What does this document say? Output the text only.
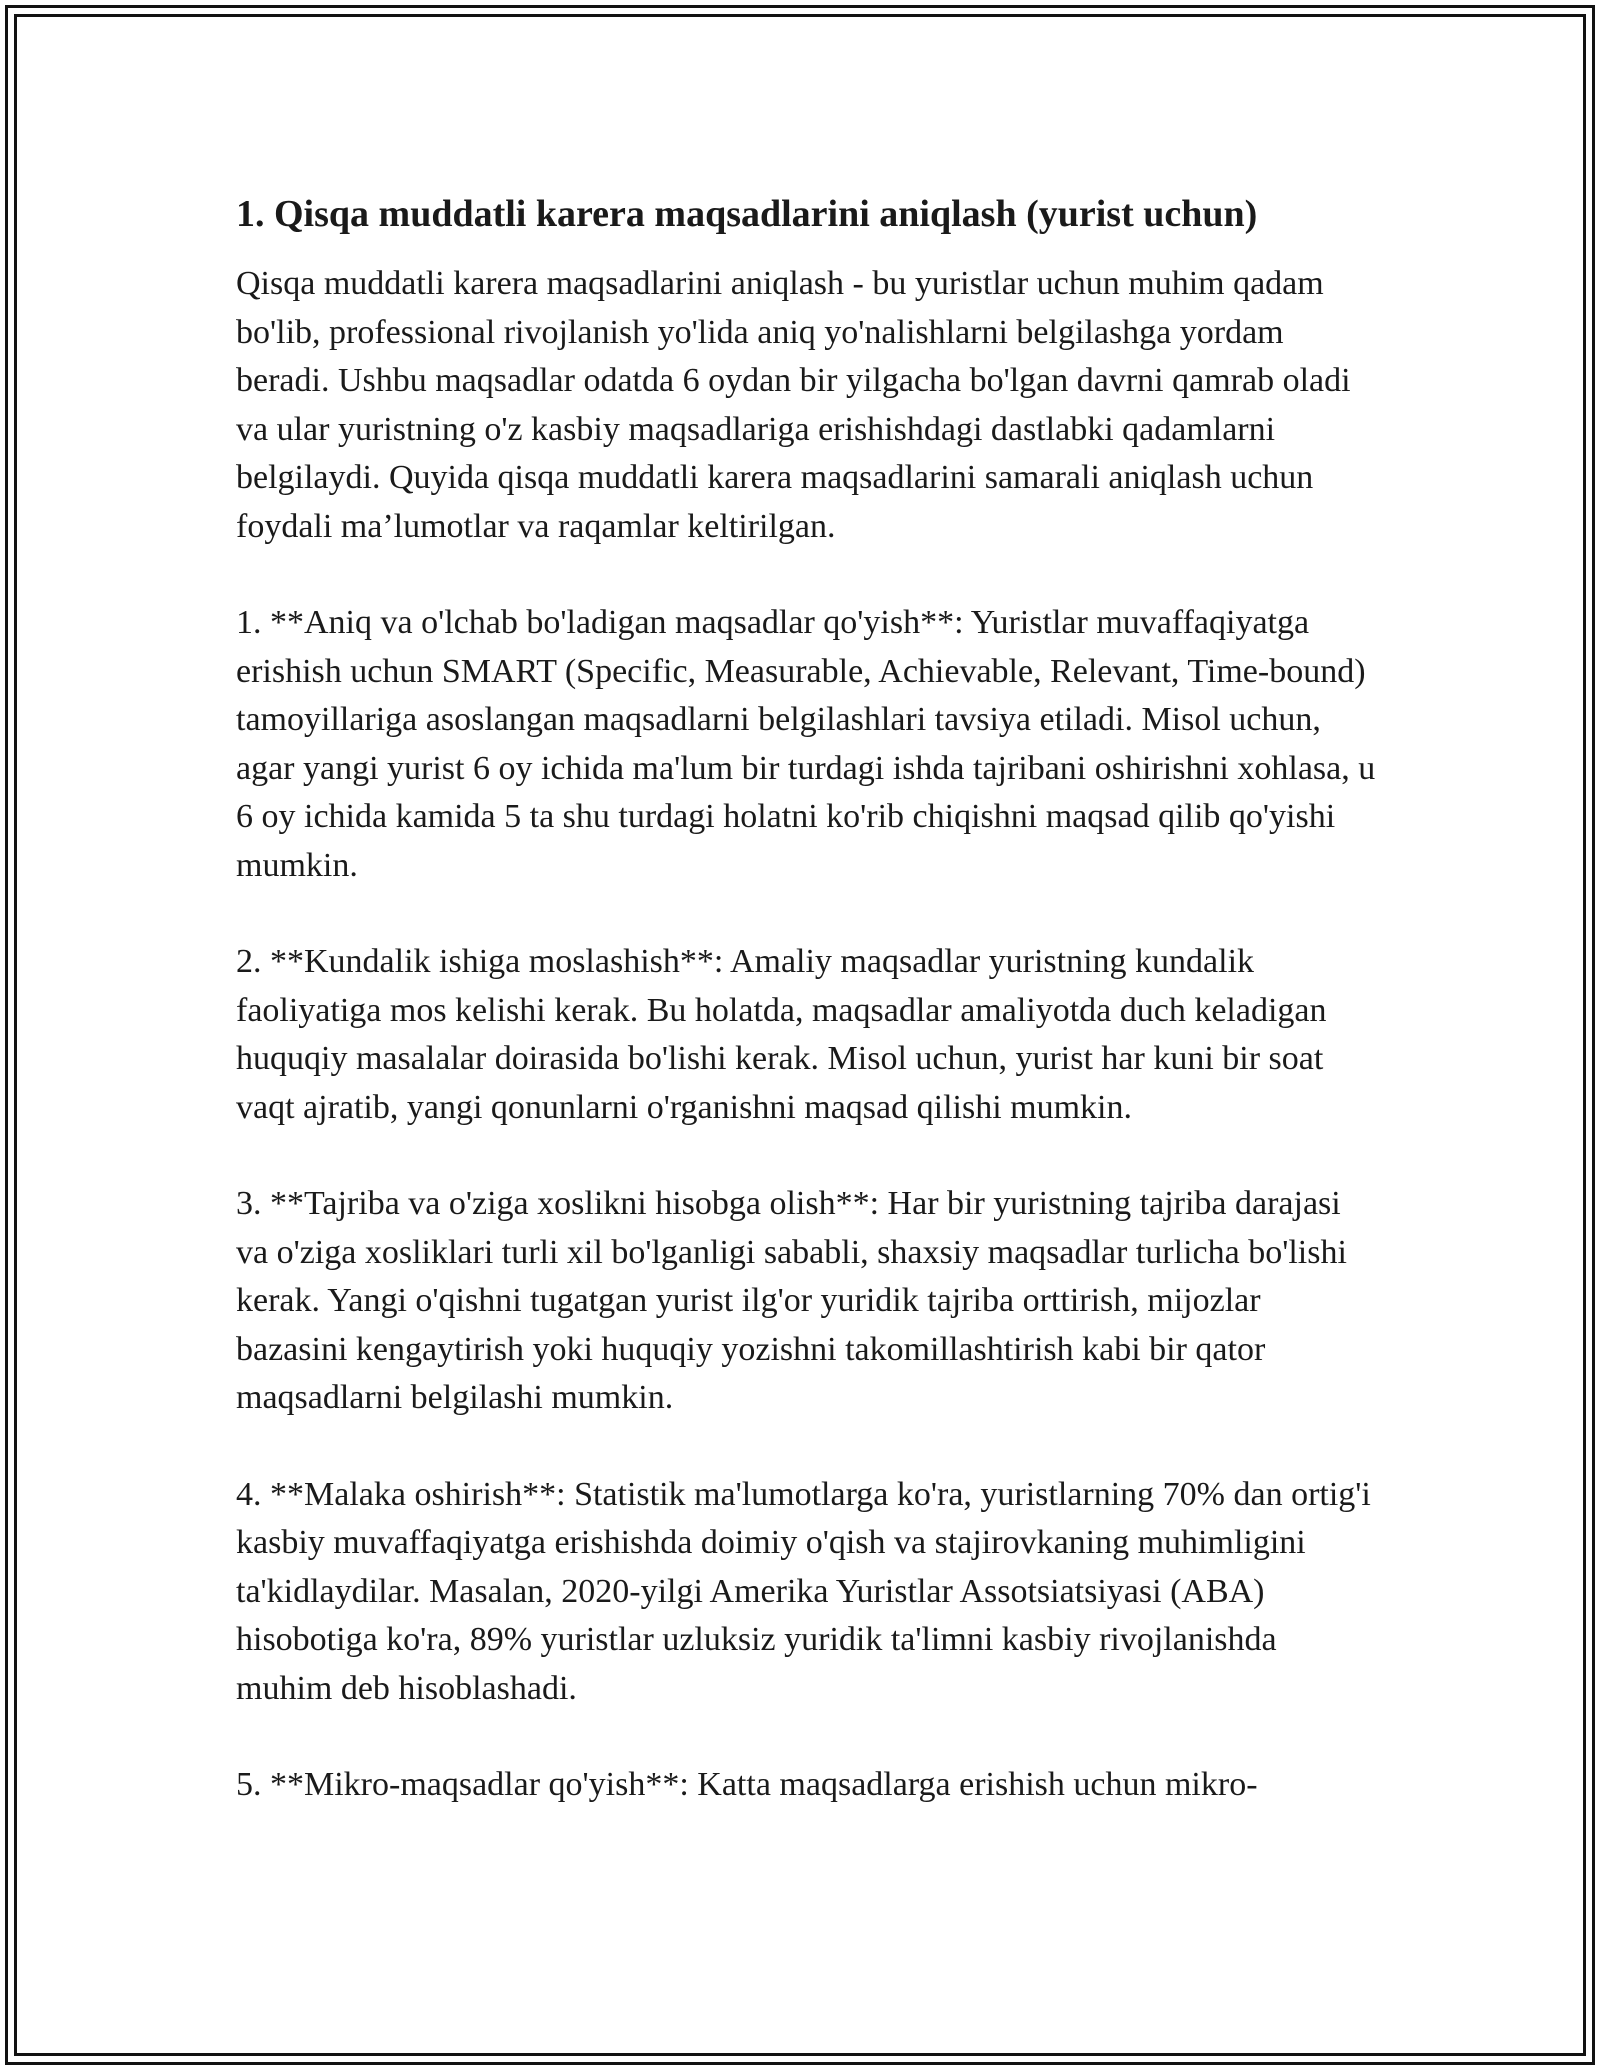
1. Qisqa muddatli karera maqsadlarini aniqlash (yurist uchun)

Qisqa muddatli karera maqsadlarini aniqlash - bu yuristlar uchun muhim qadam bo'lib, professional rivojlanish yo'lida aniq yo'nalishlarni belgilashga yordam beradi. Ushbu maqsadlar odatda 6 oydan bir yilgacha bo'lgan davrni qamrab oladi va ular yuristning o'z kasbiy maqsadlariga erishishdagi dastlabki qadamlarni belgilaydi. Quyida qisqa muddatli karera maqsadlarini samarali aniqlash uchun foydali ma’lumotlar va raqamlar keltirilgan.

1. **Aniq va o'lchab bo'ladigan maqsadlar qo'yish**: Yuristlar muvaffaqiyatga erishish uchun SMART (Specific, Measurable, Achievable, Relevant, Time-bound) tamoyillariga asoslangan maqsadlarni belgilashlari tavsiya etiladi. Misol uchun, agar yangi yurist 6 oy ichida ma'lum bir turdagi ishda tajribani oshirishni xohlasa, u 6 oy ichida kamida 5 ta shu turdagi holatni ko'rib chiqishni maqsad qilib qo'yishi mumkin.

2. **Kundalik ishiga moslashish**: Amaliy maqsadlar yuristning kundalik faoliyatiga mos kelishi kerak. Bu holatda, maqsadlar amaliyotda duch keladigan huquqiy masalalar doirasida bo'lishi kerak. Misol uchun, yurist har kuni bir soat vaqt ajratib, yangi qonunlarni o'rganishni maqsad qilishi mumkin.

3. **Tajriba va o'ziga xoslikni hisobga olish**: Har bir yuristning tajriba darajasi va o'ziga xosliklari turli xil bo'lganligi sababli, shaxsiy maqsadlar turlicha bo'lishi kerak. Yangi o'qishni tugatgan yurist ilg'or yuridik tajriba orttirish, mijozlar bazasini kengaytirish yoki huquqiy yozishni takomillashtirish kabi bir qator maqsadlarni belgilashi mumkin.

4. **Malaka oshirish**: Statistik ma'lumotlarga ko'ra, yuristlarning 70% dan ortig'i kasbiy muvaffaqiyatga erishishda doimiy o'qish va stajirovkaning muhimligini ta'kidlaydilar. Masalan, 2020-yilgi Amerika Yuristlar Assotsiatsiyasi (ABA) hisobotiga ko'ra, 89% yuristlar uzluksiz yuridik ta'limni kasbiy rivojlanishda muhim deb hisoblashadi.

5. **Mikro-maqsadlar qo'yish**: Katta maqsadlarga erishish uchun mikro-
